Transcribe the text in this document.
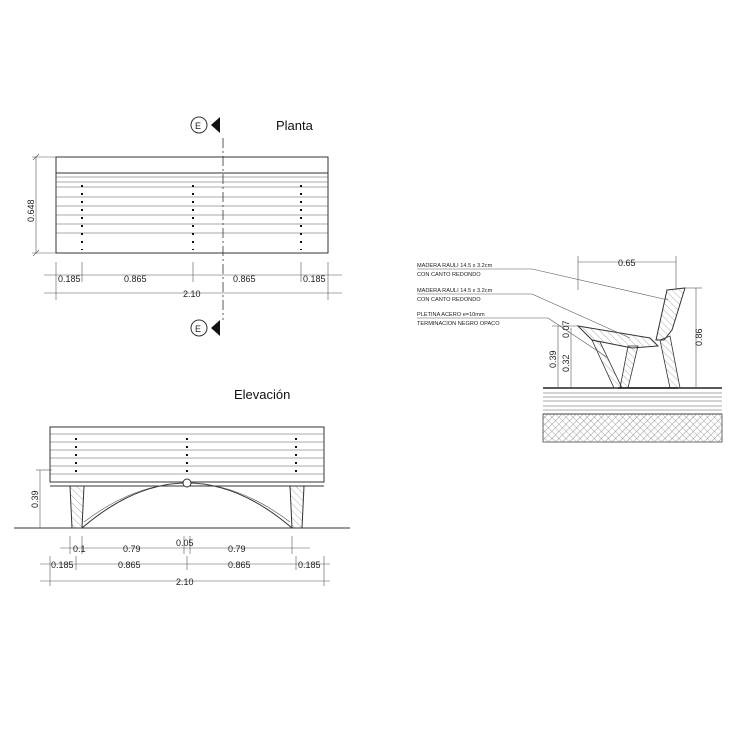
Planta
E
E
0.648
0.185	0.865	0.865	0.185
2.10
Elevación
0.39
0.1	0.79
0.05
0.79
0.185	0.865	0.865	0.185
2.10
0.65
0.86
0.39 0.32
0.07
MADERA RAULI 14.5 x 3.2cm
CON CANTO REDONDO
MADERA RAULI 14.5 x 3.2cm
CON CANTO REDONDO
PLETINA ACERO e=10mm
TERMINACION NEGRO OPACO
